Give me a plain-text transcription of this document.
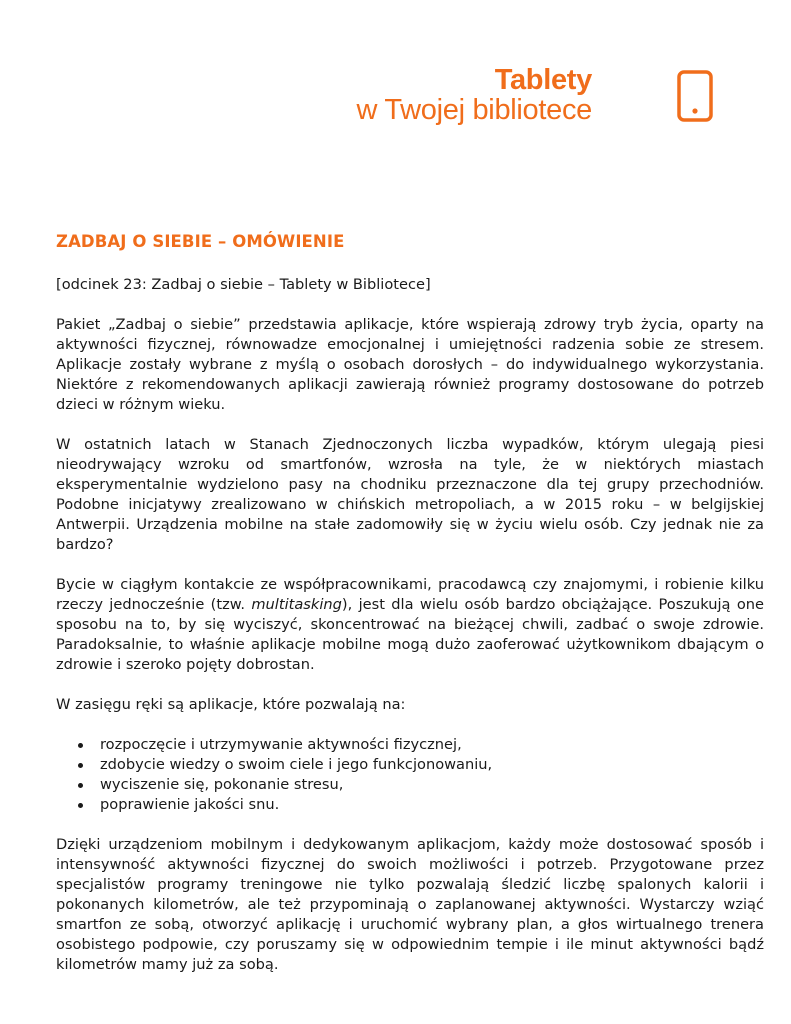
Tablety
w Twojej bibliotece
ZADBAJ O SIEBIE – OMÓWIENIE

[odcinek 23: Zadbaj o siebie – Tablety w Bibliotece]

Pakiet „Zadbaj o siebie” przedstawia aplikacje, które wspierają zdrowy tryb życia, oparty na aktywności fizycznej, równowadze emocjonalnej i umiejętności radzenia sobie ze stresem. Aplikacje zostały wybrane z myślą o osobach dorosłych – do indywidualnego wykorzystania. Niektóre z rekomendowanych aplikacji zawierają również programy dostosowane do potrzeb dzieci w różnym wieku.

W ostatnich latach w Stanach Zjednoczonych liczba wypadków, którym ulegają piesi nieodrywający wzroku od smartfonów, wzrosła na tyle, że w niektórych miastach eksperymentalnie wydzielono pasy na chodniku przeznaczone dla tej grupy przechodniów. Podobne inicjatywy zrealizowano w chińskich metropoliach, a w 2015 roku – w belgijskiej Antwerpii. Urządzenia mobilne na stałe zadomowiły się w życiu wielu osób. Czy jednak nie za bardzo?

Bycie w ciągłym kontakcie ze współpracownikami, pracodawcą czy znajomymi, i robienie kilku rzeczy jednocześnie (tzw. multitasking), jest dla wielu osób bardzo obciążające. Poszukują one sposobu na to, by się wyciszyć, skoncentrować na bieżącej chwili, zadbać o swoje zdrowie. Paradoksalnie, to właśnie aplikacje mobilne mogą dużo zaoferować użytkownikom dbającym o zdrowie i szeroko pojęty dobrostan.

W zasięgu ręki są aplikacje, które pozwalają na:

rozpoczęcie i utrzymywanie aktywności fizycznej,
zdobycie wiedzy o swoim ciele i jego funkcjonowaniu,
wyciszenie się, pokonanie stresu,
poprawienie jakości snu.

Dzięki urządzeniom mobilnym i dedykowanym aplikacjom, każdy może dostosować sposób i intensywność aktywności fizycznej do swoich możliwości i potrzeb. Przygotowane przez specjalistów programy treningowe nie tylko pozwalają śledzić liczbę spalonych kalorii i pokonanych kilometrów, ale też przypominają o zaplanowanej aktywności. Wystarczy wziąć smartfon ze sobą, otworzyć aplikację i uruchomić wybrany plan, a głos wirtualnego trenera osobistego podpowie, czy poruszamy się w odpowiednim tempie i ile minut aktywności bądź kilometrów mamy już za sobą.
